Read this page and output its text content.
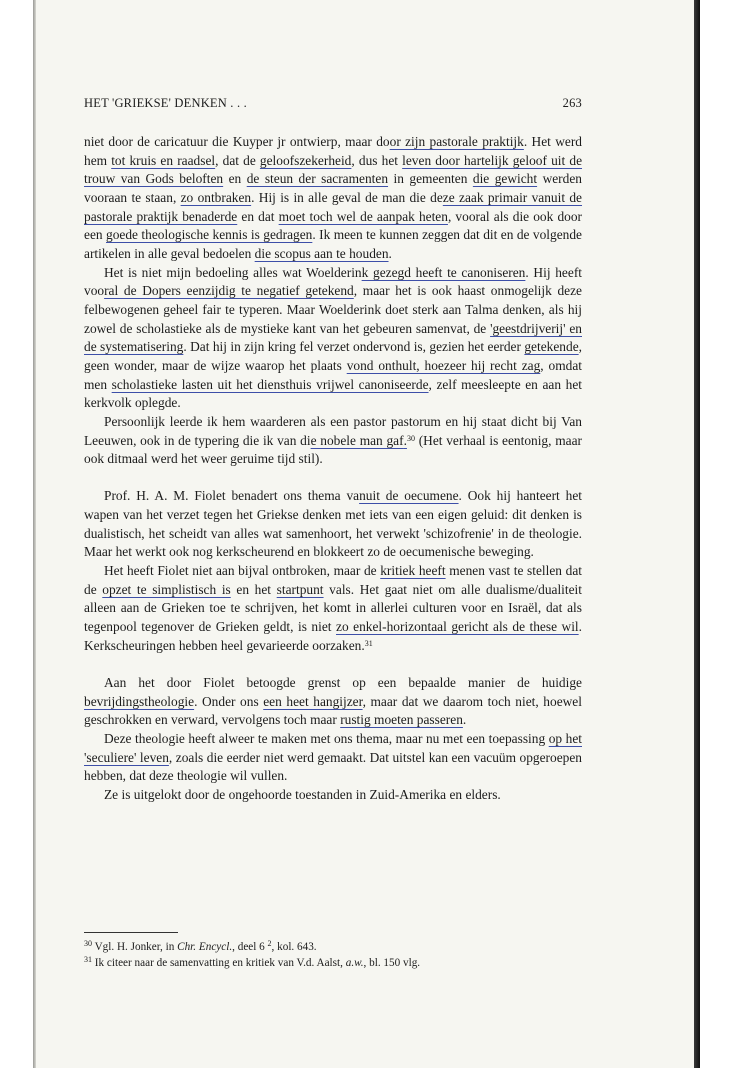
HET 'GRIEKSE' DENKEN . . .	263

niet door de caricatuur die Kuyper jr ontwierp, maar door zijn pastorale praktijk. Het werd hem tot kruis en raadsel, dat de geloofszekerheid, dus het leven door hartelijk geloof uit de trouw van Gods beloften en de steun der sacramenten in gemeenten die gewicht werden vooraan te staan, zo ontbraken. Hij is in alle geval de man die deze zaak primair vanuit de pastorale praktijk benaderde en dat moet toch wel de aanpak heten, vooral als die ook door een goede theologische kennis is gedragen. Ik meen te kunnen zeggen dat dit en de volgende artikelen in alle geval bedoelen die scopus aan te houden.

Het is niet mijn bedoeling alles wat Woelderink gezegd heeft te canoniseren. Hij heeft vooral de Dopers eenzijdig te negatief getekend, maar het is ook haast onmogelijk deze felbewogenen geheel fair te typeren. Maar Woelderink doet sterk aan Talma denken, als hij zowel de scholastieke als de mystieke kant van het gebeuren samenvat, de 'geestdrijverij' en de systematisering. Dat hij in zijn kring fel verzet ondervond is, gezien het eerder getekende, geen wonder, maar de wijze waarop het plaats vond onthult, hoezeer hij recht zag, omdat men scholastieke lasten uit het diensthuis vrijwel canoniseerde, zelf meesleepte en aan het kerkvolk oplegde.

Persoonlijk leerde ik hem waarderen als een pastor pastorum en hij staat dicht bij Van Leeuwen, ook in de typering die ik van die nobele man gaf.$^{30}$ (Het verhaal is eentonig, maar ook ditmaal werd het weer geruime tijd stil).

Prof. H. A. M. Fiolet benadert ons thema vanuit de oecumene. Ook hij hanteert het wapen van het verzet tegen het Griekse denken met iets van een eigen geluid: dit denken is dualistisch, het scheidt van alles wat samenhoort, het verwekt 'schizofrenie' in de theologie. Maar het werkt ook nog kerkscheurend en blokkeert zo de oecumenische beweging.

Het heeft Fiolet niet aan bijval ontbroken, maar de kritiek heeft menen vast te stellen dat de opzet te simplistisch is en het startpunt vals. Het gaat niet om alle dualisme/dualiteit alleen aan de Grieken toe te schrijven, het komt in allerlei culturen voor en Israël, dat als tegenpool tegenover de Grieken geldt, is niet zo enkel-horizontaal gericht als de these wil. Kerkscheuringen hebben heel gevarieerde oorzaken.$^{31}$

Aan het door Fiolet betoogde grenst op een bepaalde manier de huidige bevrijdingstheologie. Onder ons een heet hangijzer, maar dat we daarom toch niet, hoewel geschrokken en verward, vervolgens toch maar rustig moeten passeren.

Deze theologie heeft alweer te maken met ons thema, maar nu met een toepassing op het 'seculiere' leven, zoals die eerder niet werd gemaakt. Dat uitstel kan een vacuüm opgeroepen hebben, dat deze theologie wil vullen.

Ze is uitgelokt door de ongehoorde toestanden in Zuid-Amerika en elders.

$^{30}$ Vgl. H. Jonker, in Chr. Encycl., deel 6 $^2$, kol. 643.

$^{31}$ Ik citeer naar de samenvatting en kritiek van V.d. Aalst, a.w., bl. 150 vlg.
